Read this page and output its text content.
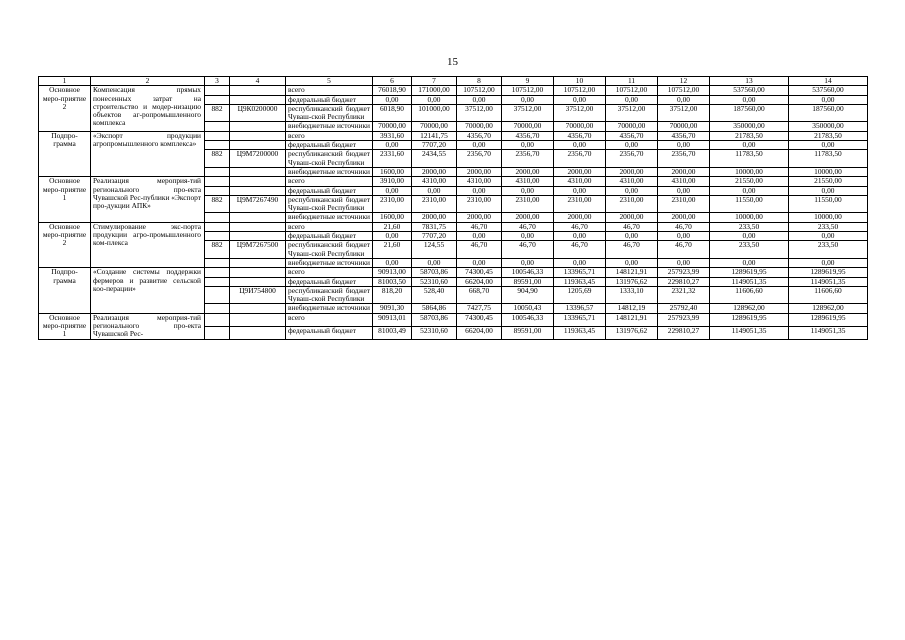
15
1	2	3	4	5	6	7	8	9	10	11	12	13	14
Основное меро-приятие 2	Компенсация прямых понесенных затрат на строительство и модер-низацию объектов аг-ропромышленного комплекса			всего	76018,90	171000,00	107512,00	107512,00	107512,00	107512,00	107512,00	537560,00	537560,00
				федеральный бюджет	0,00	0,00	0,00	0,00	0,00	0,00	0,00	0,00	0,00
		882	Ц9К0200000	республиканский бюджет Чуваш-ской Республики	6018,90	101000,00	37512,00	37512,00	37512,00	37512,00	37512,00	187560,00	187560,00
				внебюджетные источники	70000,00	70000,00	70000,00	70000,00	70000,00	70000,00	70000,00	350000,00	350000,00
Подпро-грамма	«Экспорт продукции агропромышленного комплекса»			всего	3931,60	12141,75	4356,70	4356,70	4356,70	4356,70	4356,70	21783,50	21783,50
				федеральный бюджет	0,00	7707,20	0,00	0,00	0,00	0,00	0,00	0,00	0,00
		882	Ц9М7200000	республиканский бюджет Чуваш-ской Республики	2331,60	2434,55	2356,70	2356,70	2356,70	2356,70	2356,70	11783,50	11783,50
				внебюджетные источники	1600,00	2000,00	2000,00	2000,00	2000,00	2000,00	2000,00	10000,00	10000,00
Основное меро-приятие 1	Реализация мероприя-тий регионального про-екта Чувашской Рес-публики «Экспорт про-дукции АПК»			всего	3910,00	4310,00	4310,00	4310,00	4310,00	4310,00	4310,00	21550,00	21550,00
				федеральный бюджет	0,00	0,00	0,00	0,00	0,00	0,00	0,00	0,00	0,00
		882	Ц9М7267490	республиканский бюджет Чуваш-ской Республики	2310,00	2310,00	2310,00	2310,00	2310,00	2310,00	2310,00	11550,00	11550,00
				внебюджетные источники	1600,00	2000,00	2000,00	2000,00	2000,00	2000,00	2000,00	10000,00	10000,00
Основное меро-приятие 2	Стимулирование экс-порта продукции агро-промышленного ком-плекса			всего	21,60	7831,75	46,70	46,70	46,70	46,70	46,70	233,50	233,50
				федеральный бюджет	0,00	7707,20	0,00	0,00	0,00	0,00	0,00	0,00	0,00
		882	Ц9М7267500	республиканский бюджет Чуваш-ской Республики	21,60	124,55	46,70	46,70	46,70	46,70	46,70	233,50	233,50
				внебюджетные источники	0,00	0,00	0,00	0,00	0,00	0,00	0,00	0,00	0,00
Подпро-грамма	«Создание системы поддержки фермеров и развитие сельской коо-перации»			всего	90913,00	58703,86	74300,45	100546,33	133965,71	148121,91	257923,99	1289619,95	1289619,95
				федеральный бюджет	81003,50	52310,60	66204,00	89591,00	119363,45	131976,62	229810,27	1149051,35	1149051,35
			Ц9И754800	республиканский бюджет Чуваш-ской Республики	818,20	528,40	668,70	904,90	1205,69	1333,10	2321,32	11606,60	11606,60
				внебюджетные источники	9091,30	5864,86	7427,75	10050,43	13396,57	14812,19	25792,40	128962,00	128962,00
Основное меро-приятие 1	Реализация мероприя-тий регионального про-екта Чувашской Рес-			всего	90913,01	58703,86	74300,45	100546,33	133965,71	148121,91	257923,99	1289619,95	1289619,95
				федеральный бюджет	81003,49	52310,60	66204,00	89591,00	119363,45	131976,62	229810,27	1149051,35	1149051,35
